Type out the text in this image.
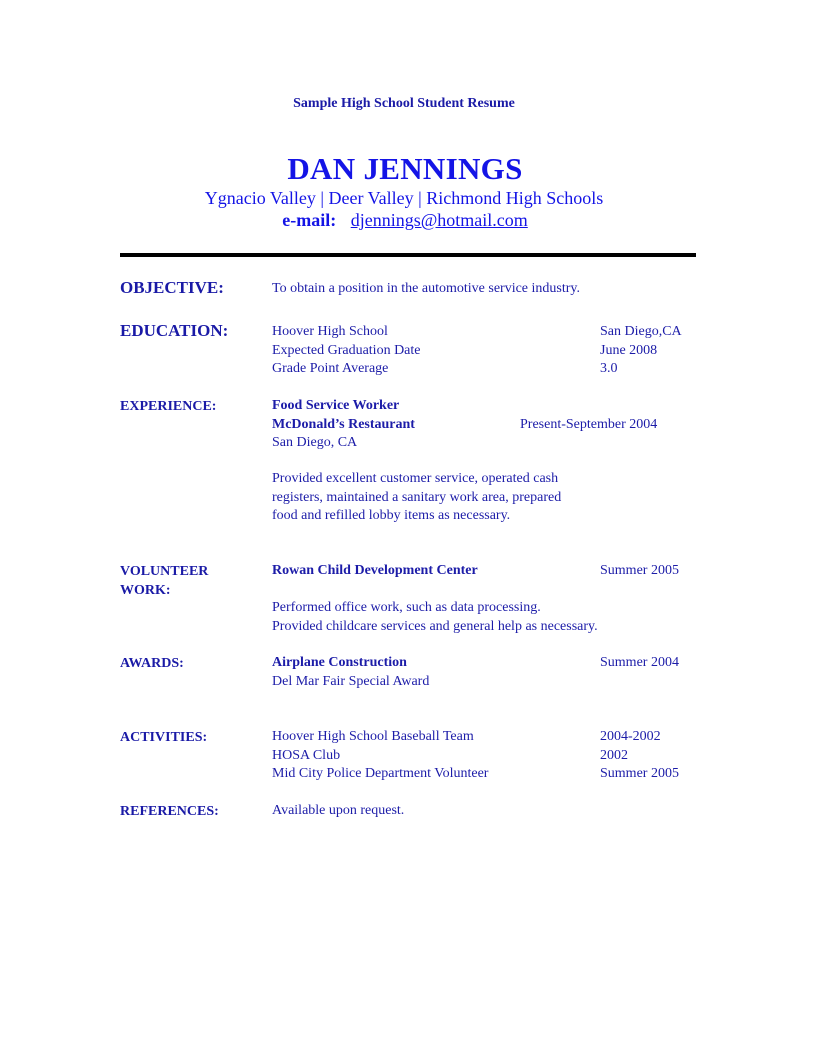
Sample High School Student Resume
DAN JENNINGS
Ygnacio Valley | Deer Valley | Richmond High Schools
e-mail: djennings@hotmail.com
OBJECTIVE:	To obtain a position in the automotive service industry.
EDUCATION:	Hoover High School	San Diego,CA
Expected Graduation Date	June 2008
Grade Point Average	3.0
EXPERIENCE:	Food Service Worker
McDonald’s Restaurant	Present-September 2004
San Diego, CA
Provided excellent customer service, operated cash
registers, maintained a sanitary work area, prepared
food and refilled lobby items as necessary.
VOLUNTEER
WORK:
Rowan Child Development Center	Summer 2005
Performed office work, such as data processing.
Provided childcare services and general help as necessary.
AWARDS:	Airplane Construction	Summer 2004
Del Mar Fair Special Award
ACTIVITIES:	Hoover High School Baseball Team	2004-2002
HOSA Club	2002
Mid City Police Department Volunteer	Summer 2005
REFERENCES:	Available upon request.
